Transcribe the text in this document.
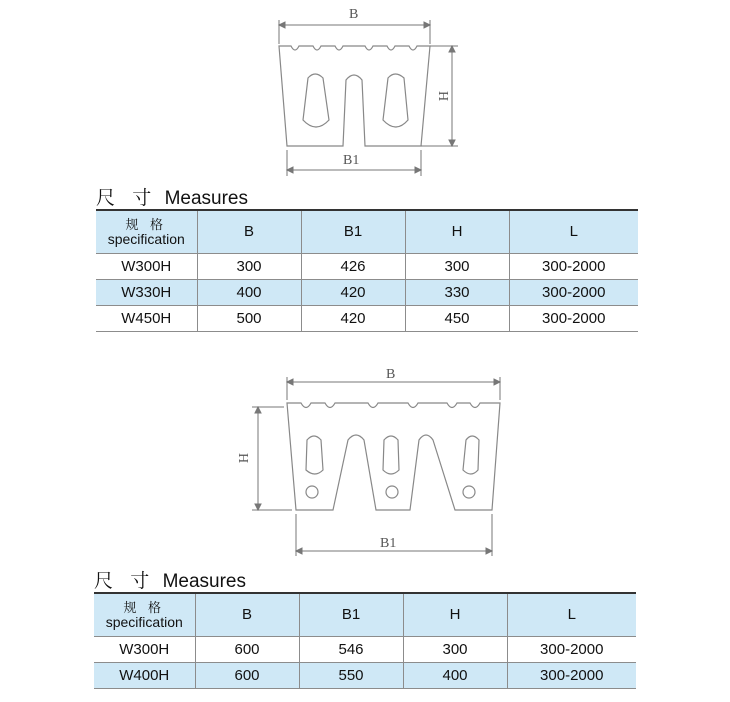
B
H
B1
尺 寸 Measures
规 格
specification	B	B1	H	L
W300H	300	426	300	300-2000
W330H	400	420	330	300-2000
W450H	500	420	450	300-2000
B
H
B1
尺 寸 Measures
规 格
specification	B	B1	H	L
W300H	600	546	300	300-2000
W400H	600	550	400	300-2000
